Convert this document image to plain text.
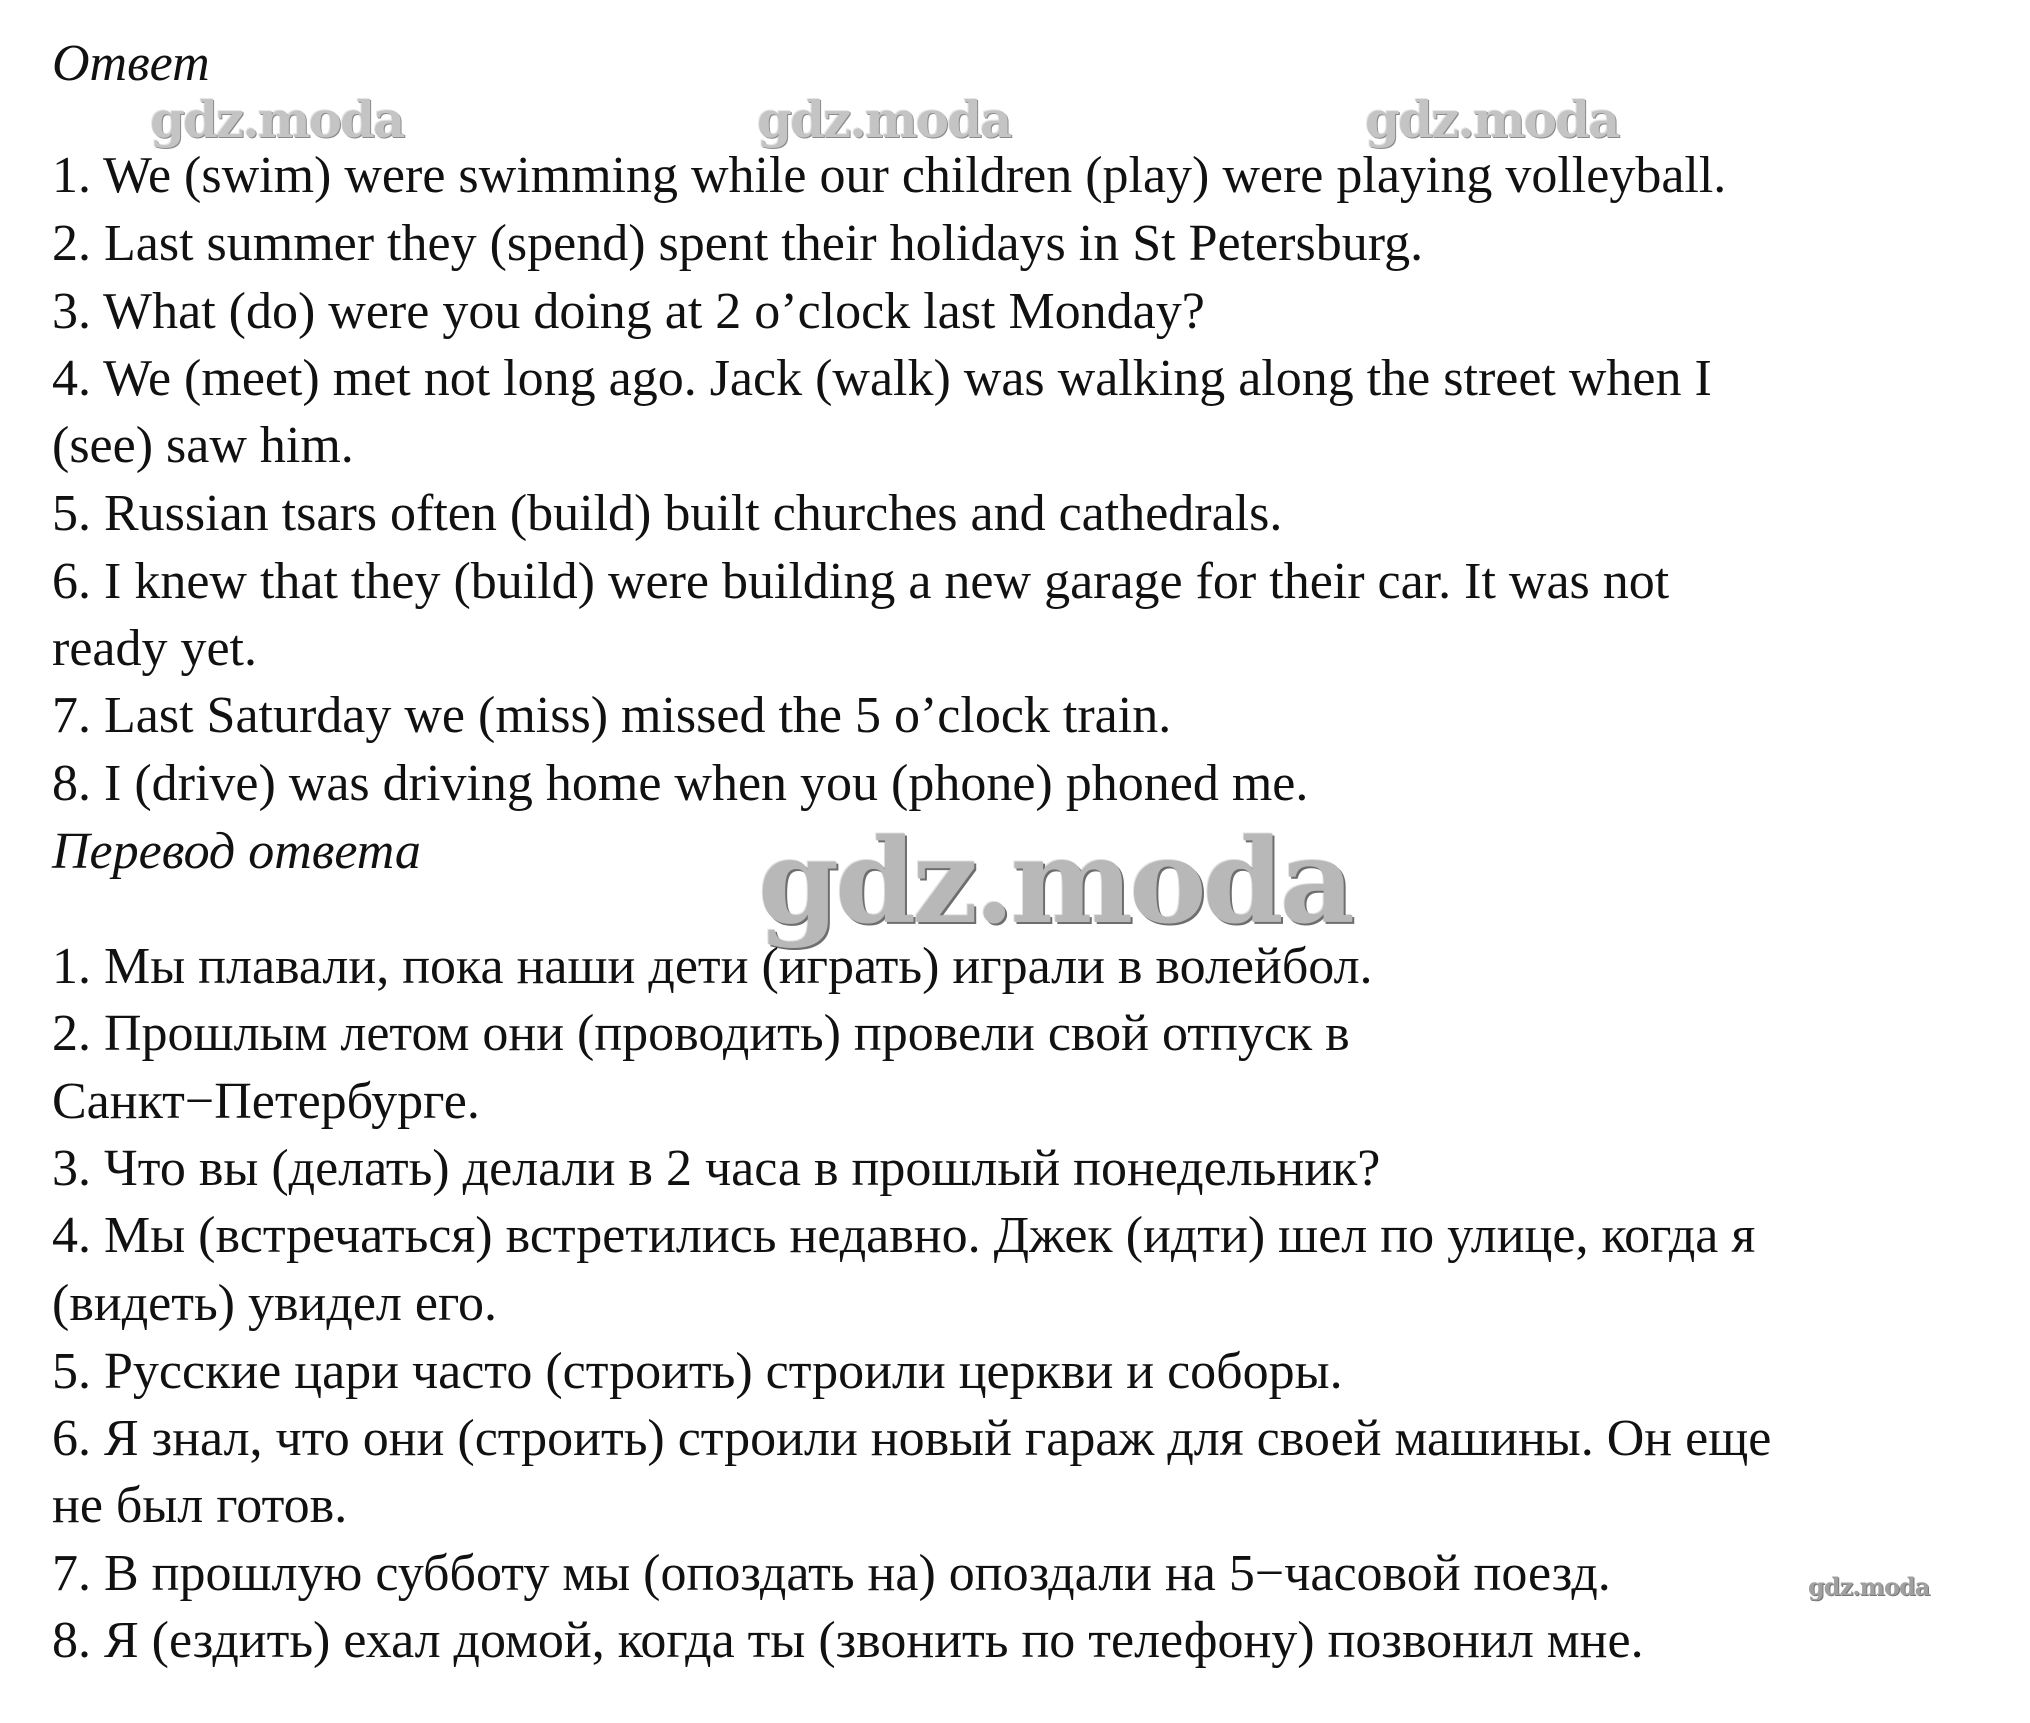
Ответ
gdz.moda	gdz.moda	gdz.moda
1. We (swim) were swimming while our children (play) were playing volleyball.
2. Last summer they (spend) spent their holidays in St Petersburg.
3. What (do) were you doing at 2 o’clock last Monday?
4. We (meet) met not long ago. Jack (walk) was walking along the street when I
(see) saw him.
5. Russian tsars often (build) built churches and cathedrals.
6. I knew that they (build) were building a new garage for their car. It was not
ready yet.
7. Last Saturday we (miss) missed the 5 o’clock train.
8. I (drive) was driving home when you (phone) phoned me.
Перевод ответа	gdz.moda
1. Мы плавали, пока наши дети (играть) играли в волейбол.
2. Прошлым летом они (проводить) провели свой отпуск в
Санкт−Петербурге.
3. Что вы (делать) делали в 2 часа в прошлый понедельник?
4. Мы (встречаться) встретились недавно. Джек (идти) шел по улице, когда я
(видеть) увидел его.
5. Русские цари часто (строить) строили церкви и соборы.
6. Я знал, что они (строить) строили новый гараж для своей машины. Он еще
не был готов.
7. В прошлую субботу мы (опоздать на) опоздали на 5−часовой поезд.
8. Я (ездить) ехал домой, когда ты (звонить по телефону) позвонил мне.
gdz.moda
